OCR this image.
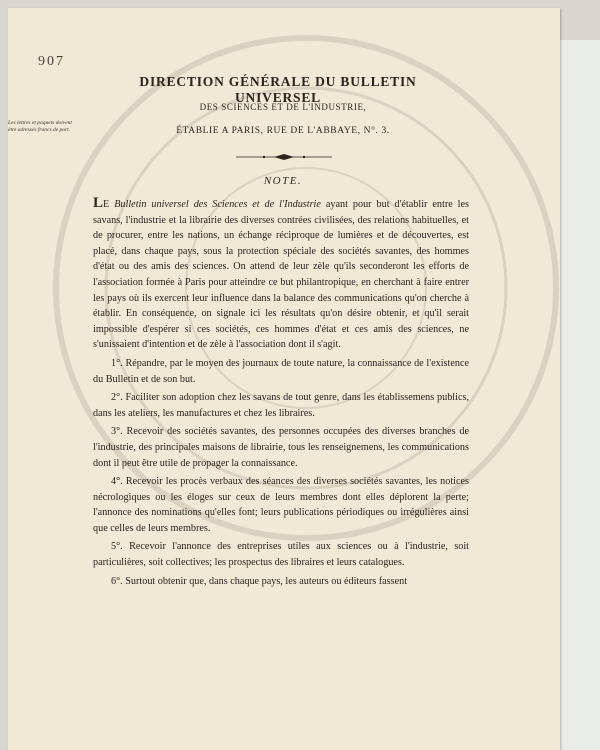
907
Les lettres et paquets doivent être adressés francs de port.
DIRECTION GÉNÉRALE DU BULLETIN UNIVERSEL
DES SCIENCES ET DE L'INDUSTRIE,
ÉTABLIE A PARIS, RUE DE L'ABBAYE, N°. 3.
NOTE.

LE Bulletin universel des Sciences et de l'Industrie ayant pour but d'établir entre les savans, l'industrie et la librairie des diverses contrées civilisées, des relations habituelles, et de procurer, entre les nations, un échange réciproque de lumières et de découvertes, est placé, dans chaque pays, sous la protection spéciale des sociétés savantes, des hommes d'état ou des amis des sciences. On attend de leur zèle qu'ils seconderont les efforts de l'association formée à Paris pour atteindre ce but philantropique, en cherchant à faire entrer les pays où ils exercent leur influence dans la balance des communications qu'on cherche à établir. En conséquence, on signale ici les résultats qu'on désire obtenir, et qu'il serait impossible d'espérer si ces sociétés, ces hommes d'état et ces amis des sciences, ne s'unissaient d'intention et de zèle à l'association dont il s'agit.

1°. Répandre, par le moyen des journaux de toute nature, la connaissance de l'existence du Bulletin et de son but.

2°. Faciliter son adoption chez les savans de tout genre, dans les établissemens publics, dans les ateliers, les manufactures et chez les libraires.

3°. Recevoir des sociétés savantes, des personnes occupées des diverses branches de l'industrie, des principales maisons de librairie, tous les renseignemens, les communications dont il peut être utile de propager la connaissance.

4°. Recevoir les procès verbaux des séances des diverses sociétés savantes, les notices nécrologiques ou les éloges sur ceux de leurs membres dont elles déplorent la perte; l'annonce des nominations qu'elles font; leurs publications périodiques ou irrégulières ainsi que celles de leurs membres.

5°. Recevoir l'annonce des entreprises utiles aux sciences ou à l'industrie, soit particulières, soit collectives; les prospectus des libraires et leurs catalogues.

6°. Surtout obtenir que, dans chaque pays, les auteurs ou éditeurs fassent
